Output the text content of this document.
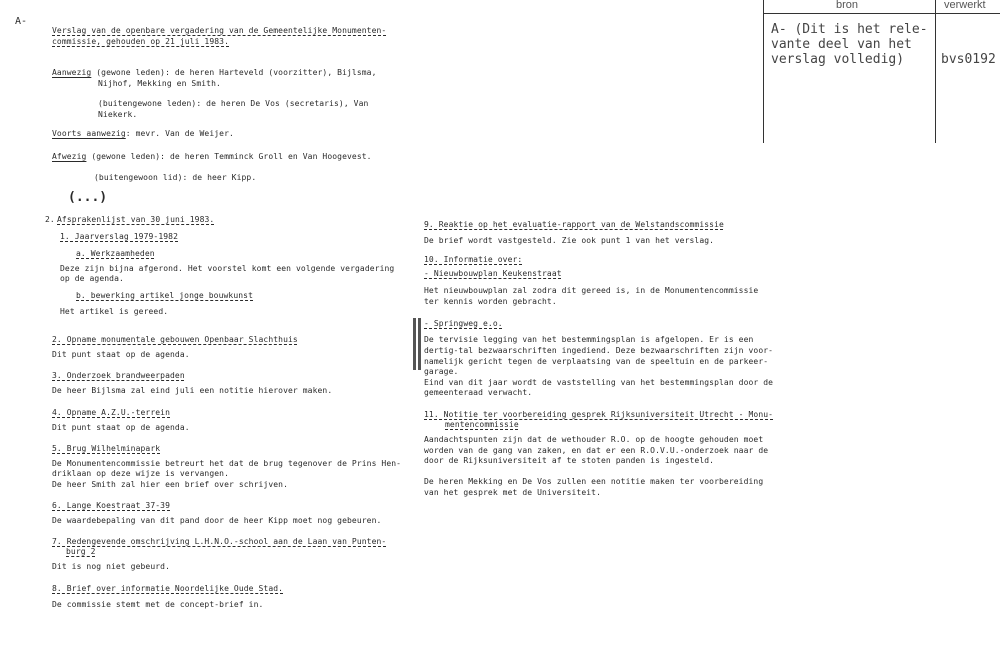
A-
bron	verwerkt
A- (Dit is het rele-
vante deel van het
verslag volledig)	bvs0192
Verslag van de openbare vergadering van de Gemeentelijke Monumenten-
commissie, gehouden op 21 juli 1983.
Aanwezig (gewone leden): de heren Harteveld (voorzitter), Bijlsma,
Nijhof, Mekking en Smith.
(buitengewone leden): de heren De Vos (secretaris), Van
Niekerk.
Voorts aanwezig: mevr. Van de Weijer.
Afwezig (gewone leden): de heren Temminck Groll en Van Hoogevest.
(buitengewoon lid): de heer Kipp.
(...)
2. Afsprakenlijst van 30 juni 1983.
1. Jaarverslag 1979-1982
a. Werkzaamheden
Deze zijn bijna afgerond. Het voorstel komt een volgende vergadering
op de agenda.
b. bewerking artikel jonge bouwkunst
Het artikel is gereed.
2. Opname monumentale gebouwen Openbaar Slachthuis
Dit punt staat op de agenda.
3. Onderzoek brandweerpaden
De heer Bijlsma zal eind juli een notitie hierover maken.
4. Opname A.Z.U.-terrein
Dit punt staat op de agenda.
5. Brug Wilhelminapark
De Monumentencommissie betreurt het dat de brug tegenover de Prins Hen-
driklaan op deze wijze is vervangen.
De heer Smith zal hier een brief over schrijven.
6. Lange Koestraat 37-39
De waardebepaling van dit pand door de heer Kipp moet nog gebeuren.
7. Redengevende omschrijving L.H.N.O.-school aan de Laan van Punten-
burg 2
Dit is nog niet gebeurd.
8. Brief over informatie Noordelijke Oude Stad.
De commissie stemt met de concept-brief in.
9. Reaktie op het evaluatie-rapport van de Welstandscommissie
De brief wordt vastgesteld. Zie ook punt 1 van het verslag.
10. Informatie over:
- Nieuwbouwplan Keukenstraat
Het nieuwbouwplan zal zodra dit gereed is, in de Monumentencommissie
ter kennis worden gebracht.
- Springweg e.o.
De tervisie legging van het bestemmingsplan is afgelopen. Er is een
dertig-tal bezwaarschriften ingediend. Deze bezwaarschriften zijn voor-
namelijk gericht tegen de verplaatsing van de speeltuin en de parkeer-
garage.
Eind van dit jaar wordt de vaststelling van het bestemmingsplan door de
gemeenteraad verwacht.
11. Notitie ter voorbereiding gesprek Rijksuniversiteit Utrecht - Monu-
mentencommissie
Aandachtspunten zijn dat de wethouder R.O. op de hoogte gehouden moet
worden van de gang van zaken, en dat er een R.O.V.U.-onderzoek naar de
door de Rijksuniversiteit af te stoten panden is ingesteld.
De heren Mekking en De Vos zullen een notitie maken ter voorbereiding
van het gesprek met de Universiteit.
